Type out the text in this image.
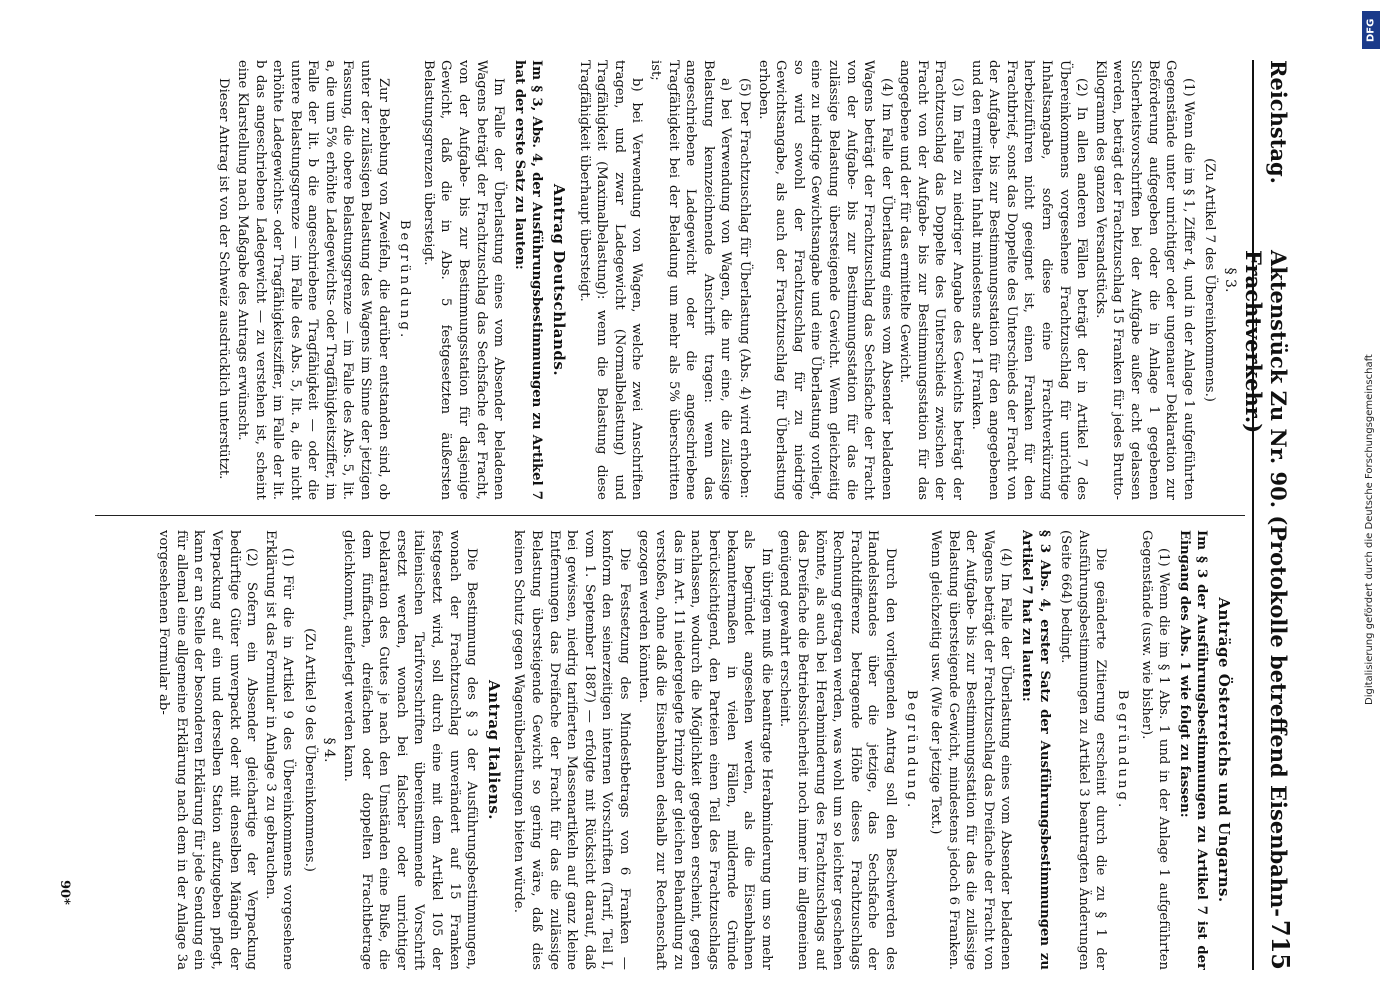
Reichstag.
Aktenstück Zu Nr. 90. (Protokolle betreffend Eisenbahn-Frachtverkehr.)
715
§ 3.
(Zu Artikel 7 des Übereinkommens.)

(1) Wenn die im § 1, Ziffer 4, und in der Anlage 1 aufgeführten Gegenstände unter unrichtiger oder ungenauer Deklaration zur Beförderung aufgegeben oder die in Anlage 1 gegebenen Sicherheitsvorschriften bei der Aufgabe außer acht gelassen werden, beträgt der Frachtzuschlag 15 Franken für jedes Brutto-Kilogramm des ganzen Versandstücks.

(2) In allen anderen Fällen beträgt der in Artikel 7 des Übereinkommens vorgesehene Frachtzuschlag für unrichtige Inhaltsangabe, sofern diese eine Frachtverkürzung herbeizuführen nicht geeignet ist, einen Franken für den Frachtbrief, sonst das Doppelte des Unterschieds der Fracht von der Aufgabe- bis zur Bestimmungsstation für den angegebenen und den ermittelten Inhalt mindestens aber 1 Franken.

(3) Im Falle zu niedriger Angabe des Gewichts beträgt der Frachtzuschlag das Doppelte des Unterschieds zwischen der Fracht von der Aufgabe- bis zur Bestimmungsstation für das angegebene und der für das ermittelte Gewicht.

(4) Im Falle der Überlastung eines vom Absender beladenen Wagens beträgt der Frachtzuschlag das Sechsfache der Fracht von der Aufgabe- bis zur Bestimmungsstation für das die zulässige Belastung übersteigende Gewicht. Wenn gleichzeitig eine zu niedrige Gewichtsangabe und eine Überlastung vorliegt, so wird sowohl der Frachtzuschlag für zu niedrige Gewichtsangabe, als auch der Frachtzuschlag für Überlastung erhoben.

(5) Der Frachtzuschlag für Überlastung (Abs. 4) wird erhoben:

a) bei Verwendung von Wagen, die nur eine, die zulässige Belastung kennzeichnende Anschrift tragen: wenn das angeschriebene Ladegewicht oder die angeschriebene Tragfähigkeit bei der Beladung um mehr als 5% überschritten ist;

b) bei Verwendung von Wagen, welche zwei Anschriften tragen, und zwar Ladegewicht (Normalbelastung) und Tragfähigkeit (Maximalbelastung): wenn die Belastung diese Tragfähigkeit überhaupt übersteigt.

Antrag Deutschlands.
Im § 3, Abs. 4, der Ausführungsbestimmungen zu Artikel 7 hat der erste Satz zu lauten:

Im Falle der Überlastung eines vom Absender beladenen Wagens beträgt der Frachtzuschlag das Sechsfache der Fracht, von der Aufgabe- bis zur Bestimmungsstation für dasjenige Gewicht, daß die in Abs. 5 festgesetzten äußersten Belastungsgrenzen übersteigt.

Begründung.

Zur Behebung von Zweifeln, die darüber entstanden sind, ob unter der zulässigen Belastung des Wagens im Sinne der jetzigen Fassung, die obere Belastungsgrenze — im Falle des Abs. 5, lit. a, die um 5% erhöhte Ladegewichts- oder Tragfähigkeitsziffer, im Falle der lit. b die angeschriebene Tragfähigkeit — oder die untere Belastungsgrenze — im Falle des Abs. 5, lit. a, die nicht erhöhte Ladegewichts- oder Tragfähigkeitsziffer, im Falle der lit. b das angeschriebene Ladegewicht — zu verstehen ist, scheint eine Klarstellung nach Maßgabe des Antrags erwünscht.

Dieser Antrag ist von der Schweiz ausdrücklich unterstützt.

Anträge Österreichs und Ungarns.
Im § 3 der Ausführungsbestimmungen zu Artikel 7 ist der Eingang des Abs. 1 wie folgt zu fassen:

(1) Wenn die im § 1 Abs. 1 und in der Anlage 1 aufgeführten Gegenstände (usw. wie bisher).

Begründung.

Die geänderte Zitierung erscheint durch die zu § 1 der Ausführungsbestimmungen zu Artikel 3 beantragten Änderungen (Seite 664) bedingt.

§ 3 Abs. 4, erster Satz der Ausführungsbestimmungen zu Artikel 7 hat zu lauten:

(4) Im Falle der Überlastung eines vom Absender beladenen Wagens beträgt der Frachtzuschlag das Dreifache der Fracht von der Aufgabe- bis zur Bestimmungsstation für das die zulässige Belastung übersteigende Gewicht, mindestens jedoch 6 Franken. Wenn gleichzeitig usw. (Wie der jetzige Text.)

Begründung.

Durch den vorliegenden Antrag soll den Beschwerden des Handelsstandes über die jetzige, das Sechsfache der Frachtdifferenz betragende Höhe dieses Frachtzuschlags Rechnung getragen werden, was wohl um so leichter geschehen könnte, als auch bei Herabminderung des Frachtzuschlags auf das Dreifache die Betriebssicherheit noch immer im allgemeinen genügend gewahrt erscheint.

Im übrigen muß die beantragte Herabminderung um so mehr als begründet angesehen werden, als die Eisenbahnen bekanntermaßen in vielen Fällen, mildernde Gründe berücksichtigend, den Parteien einen Teil des Frachtzuschlags nachlassen, wodurch die Möglichkeit gegeben erscheint, gegen das im Art. 11 niedergelegte Prinzip der gleichen Behandlung zu verstoßen, ohne daß die Eisenbahnen deshalb zur Rechenschaft gezogen werden könnten.

Die Festsetzung des Mindestbetrags von 6 Franken — konform den seinerzeitigen internen Vorschriften (Tarif, Teil I, vom 1. September 1887) — erfolgte mit Rücksicht darauf, daß bei gewissen, niedrig tarifierten Massenartikeln auf ganz kleine Entfernungen das Dreifache der Fracht für das die zulässige Belastung übersteigende Gewicht so gering wäre, daß dies keinen Schutz gegen Wagenüberlastungen bieten würde.

Antrag Italiens.

Die Bestimmung des § 3 der Ausführungsbestimmungen, wonach der Frachtzuschlag unverändert auf 15 Franken festgesetzt wird, soll durch eine mit dem Artikel 105 der italienischen Tarifvorschriften übereinstimmende Vorschrift ersetzt werden, wonach bei falscher oder unrichtiger Deklaration des Gutes je nach den Umständen eine Buße, die dem fünffachen, dreifachen oder doppelten Frachtbetrage gleichkommt, auferlegt werden kann.

§ 4.
(Zu Artikel 9 des Übereinkommens.)

(1) Für die in Artikel 9 des Übereinkommens vorgesehene Erklärung ist das Formular in Anlage 3 zu gebrauchen.

(2) Sofern ein Absender gleichartige der Verpackung bedürftige Güter unverpackt oder mit denselben Mängeln der Verpackung auf ein und derselben Station aufzugeben pflegt, kann er an Stelle der besonderen Erklärung für jede Sendung ein für allemal eine allgemeine Erklärung nach dem in der Anlage 3a vorgesehenen Formular ab-

90*
DFG
Digitalisierung gefördert durch die Deutsche Forschungsgemeinschaft
